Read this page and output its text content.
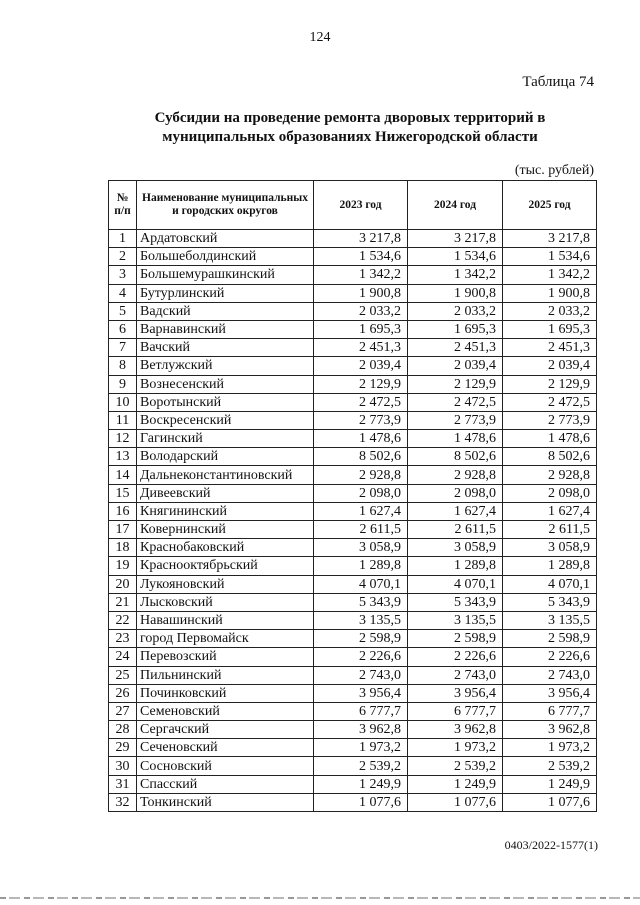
124
Таблица 74
Субсидии на проведение ремонта дворовых территорий в
муниципальных образованиях Нижегородской области
(тыс. рублей)
№ п/п	Наименование муниципальных и городских округов	2023 год	2024 год	2025 год
1	Ардатовский	3 217,8	3 217,8	3 217,8
2	Большеболдинский	1 534,6	1 534,6	1 534,6
3	Большемурашкинский	1 342,2	1 342,2	1 342,2
4	Бутурлинский	1 900,8	1 900,8	1 900,8
5	Вадский	2 033,2	2 033,2	2 033,2
6	Варнавинский	1 695,3	1 695,3	1 695,3
7	Вачский	2 451,3	2 451,3	2 451,3
8	Ветлужский	2 039,4	2 039,4	2 039,4
9	Вознесенский	2 129,9	2 129,9	2 129,9
10	Воротынский	2 472,5	2 472,5	2 472,5
11	Воскресенский	2 773,9	2 773,9	2 773,9
12	Гагинский	1 478,6	1 478,6	1 478,6
13	Володарский	8 502,6	8 502,6	8 502,6
14	Дальнеконстантиновский	2 928,8	2 928,8	2 928,8
15	Дивеевский	2 098,0	2 098,0	2 098,0
16	Княгининский	1 627,4	1 627,4	1 627,4
17	Ковернинский	2 611,5	2 611,5	2 611,5
18	Краснобаковский	3 058,9	3 058,9	3 058,9
19	Краснооктябрьский	1 289,8	1 289,8	1 289,8
20	Лукояновский	4 070,1	4 070,1	4 070,1
21	Лысковский	5 343,9	5 343,9	5 343,9
22	Навашинский	3 135,5	3 135,5	3 135,5
23	город Первомайск	2 598,9	2 598,9	2 598,9
24	Перевозский	2 226,6	2 226,6	2 226,6
25	Пильнинский	2 743,0	2 743,0	2 743,0
26	Починковский	3 956,4	3 956,4	3 956,4
27	Семеновский	6 777,7	6 777,7	6 777,7
28	Сергачский	3 962,8	3 962,8	3 962,8
29	Сеченовский	1 973,2	1 973,2	1 973,2
30	Сосновский	2 539,2	2 539,2	2 539,2
31	Спасский	1 249,9	1 249,9	1 249,9
32	Тонкинский	1 077,6	1 077,6	1 077,6
0403/2022-1577(1)
